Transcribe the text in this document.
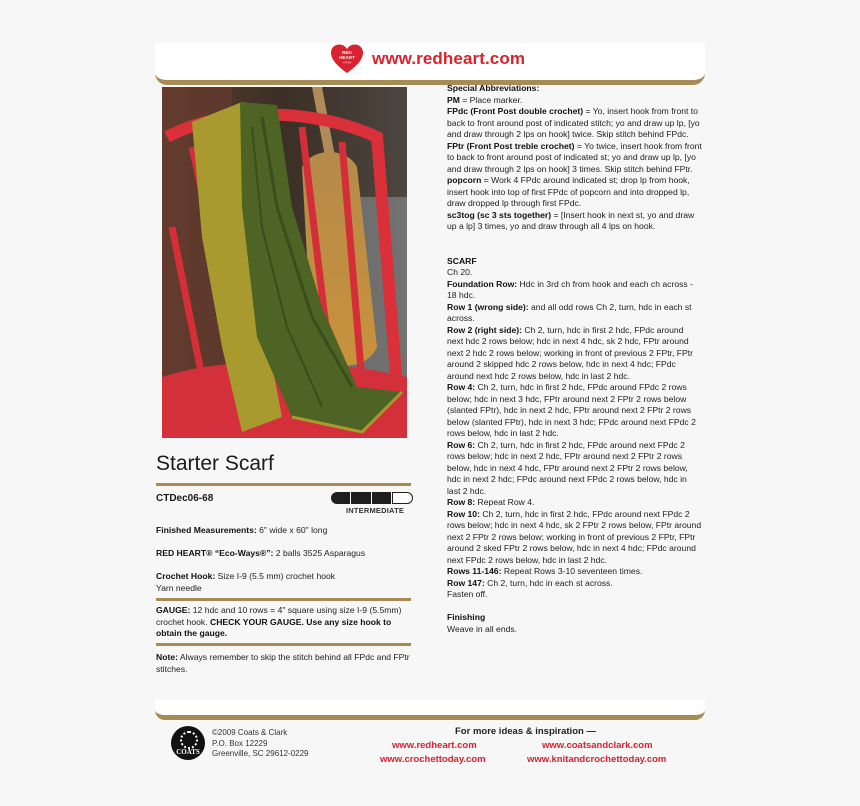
RED
HEART
YARNS www.redheart.com
Starter Scarf
CTDec06-68
INTERMEDIATE
Finished Measurements: 6" wide x 60" long
RED HEART® “Eco-Ways®”: 2 balls 3525 Asparagus
Crochet Hook: Size I-9 (5.5 mm) crochet hook
Yarn needle
GAUGE: 12 hdc and 10 rows = 4" square using size I-9 (5.5mm) crochet hook. CHECK YOUR GAUGE. Use any size hook to obtain the gauge.
Note: Always remember to skip the stitch behind all FPdc and FPtr stitches.

Special Abbreviations:

PM = Place marker.

FPdc (Front Post double crochet) = Yo, insert hook from front to back to front around post of indicated stitch; yo and draw up lp, [yo and draw through 2 lps on hook] twice. Skip stitch behind FPdc.

FPtr (Front Post treble crochet) = Yo twice, insert hook from front to back to front around post of indicated st; yo and draw up lp, [yo and draw through 2 lps on hook] 3 times. Skip stitch behind FPtr.

popcorn = Work 4 FPdc around indicated st; drop lp from hook, insert hook into top of first FPdc of popcorn and into dropped lp, draw dropped lp through first FPdc.

sc3tog (sc 3 sts together) = [Insert hook in next st, yo and draw up a lp] 3 times, yo and draw through all 4 lps on hook.

SCARF

Ch 20.

Foundation Row: Hdc in 3rd ch from hook and each ch across - 18 hdc.

Row 1 (wrong side): and all odd rows Ch 2, turn, hdc in each st across.

Row 2 (right side): Ch 2, turn, hdc in first 2 hdc, FPdc around next hdc 2 rows below; hdc in next 4 hdc, sk 2 hdc, FPtr around next 2 hdc 2 rows below; working in front of previous 2 FPtr, FPtr around 2 skipped hdc 2 rows below, hdc in next 4 hdc; FPdc around next hdc 2 rows below, hdc in last 2 hdc.

Row 4: Ch 2, turn, hdc in first 2 hdc, FPdc around FPdc 2 rows below; hdc in next 3 hdc, FPtr around next 2 FPtr 2 rows below (slanted FPtr), hdc in next 2 hdc, FPtr around next 2 FPtr 2 rows below (slanted FPtr), hdc in next 3 hdc; FPdc around next FPdc 2 rows below, hdc in last 2 hdc.

Row 6: Ch 2, turn, hdc in first 2 hdc, FPdc around next FPdc 2 rows below; hdc in next 2 hdc, FPtr around next 2 FPtr 2 rows below, hdc in next 4 hdc, FPtr around next 2 FPtr 2 rows below, hdc in next 2 hdc; FPdc around next FPdc 2 rows below, hdc in last 2 hdc.

Row 8: Repeat Row 4.

Row 10: Ch 2, turn, hdc in first 2 hdc, FPdc around next FPdc 2 rows below; hdc in next 4 hdc, sk 2 FPtr 2 rows below, FPtr around next 2 FPtr 2 rows below; working in front of previous 2 FPtr, FPtr around 2 sked FPtr 2 rows below, hdc in next 4 hdc; FPdc around next FPdc 2 rows below, hdc in last 2 hdc.

Rows 11-146: Repeat Rows 3-10 seventeen times.

Row 147: Ch 2, turn, hdc in each st across.

Fasten off.

Finishing

Weave in all ends.

COATS
©2009 Coats & Clark
P.O. Box 12229
Greenville, SC 29612-0229
For more ideas & inspiration —
www.redheart.com	www.coatsandclark.com
www.crochettoday.com	www.knitandcrochettoday.com
